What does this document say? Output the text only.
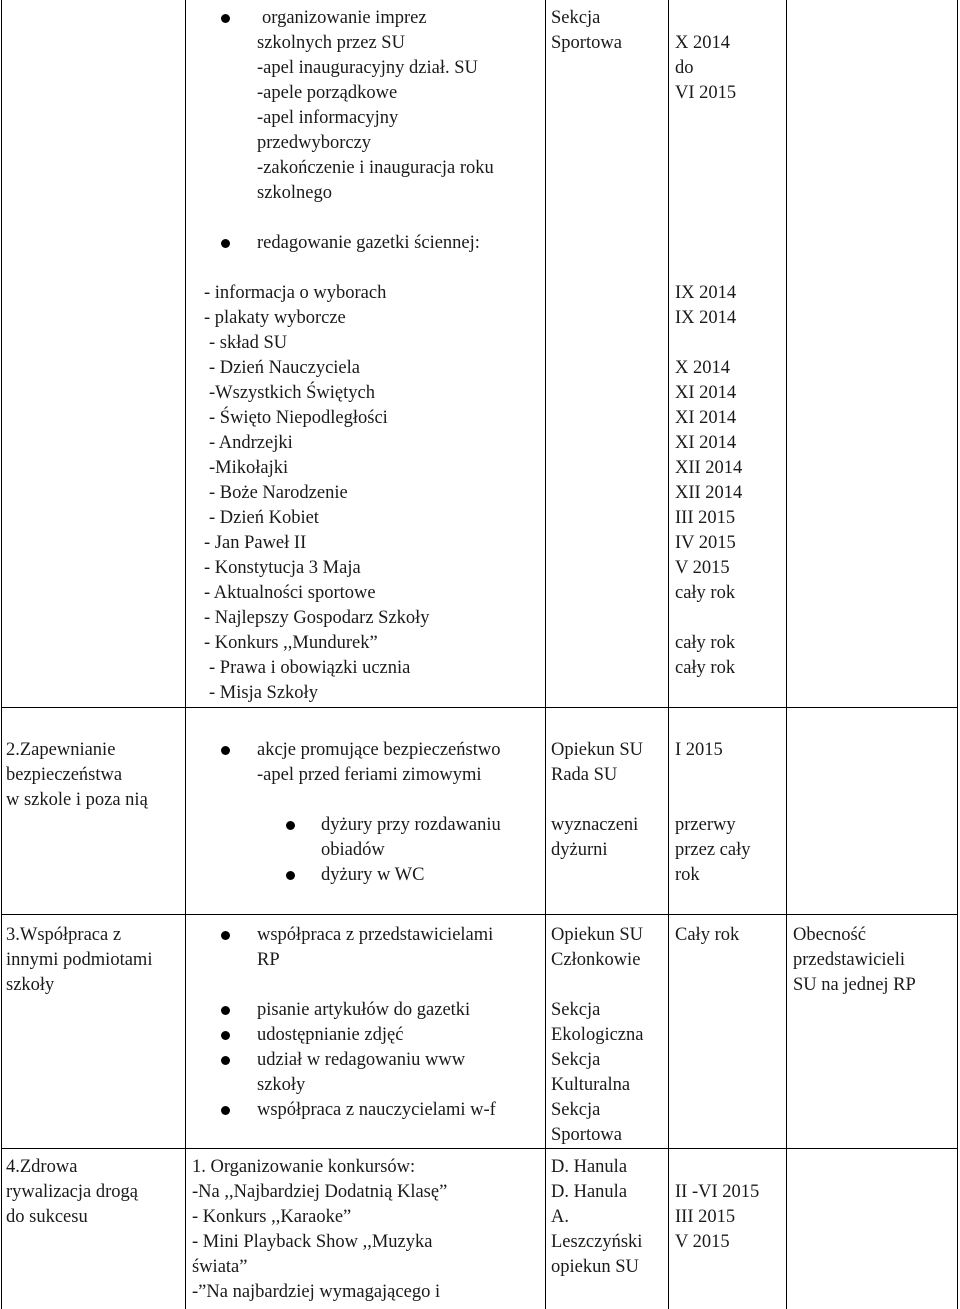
organizowanie imprez
szkolnych przez SU
-apel inauguracyjny dział. SU
-apele porządkowe
-apel informacyjny
przedwyborczy
-zakończenie i inauguracja roku
szkolnego
redagowanie gazetki ściennej:
- informacja o wyborach
- plakaty wyborcze
- skład SU
- Dzień Nauczyciela
-Wszystkich Świętych
- Święto Niepodległości
- Andrzejki
-Mikołajki
- Boże Narodzenie
- Dzień Kobiet
- Jan Paweł II
- Konstytucja 3 Maja
- Aktualności sportowe
- Najlepszy Gospodarz Szkoły
- Konkurs ,,Mundurek”
- Prawa i obowiązki ucznia
- Misja Szkoły
Sekcja
Sportowa	X 2014
do
VI 2015
IX 2014
IX 2014
X 2014
XI 2014
XI 2014
XI 2014
XII 2014
XII 2014
III 2015
IV 2015
V 2015
cały rok
cały rok
cały rok
2.Zapewnianie
bezpieczeństwa
w szkole i poza nią
akcje promujące bezpieczeństwo
-apel przed feriami zimowymi
dyżury przy rozdawaniu
obiadów
dyżury w WC
Opiekun SU
Rada SU
wyznaczeni
dyżurni
I 2015
przerwy
przez cały
rok
3.Współpraca z
innymi podmiotami
szkoły
współpraca z przedstawicielami
RP
pisanie artykułów do gazetki
udostępnianie zdjęć
udział w redagowaniu www
szkoły
współpraca z nauczycielami w-f
Opiekun SU
Członkowie
Sekcja
Ekologiczna
Sekcja
Kulturalna
Sekcja
Sportowa
Cały rok	Obecność
przedstawicieli
SU na jednej RP
4.Zdrowa
rywalizacja drogą
do sukcesu
1. Organizowanie konkursów:
-Na ,,Najbardziej Dodatnią Klasę”
- Konkurs ,,Karaoke”
- Mini Playback Show ,,Muzyka
świata”
-”Na najbardziej wymagającego i
D. Hanula
D. Hanula
A.
Leszczyński
opiekun SU
II -VI 2015
III 2015
V 2015
